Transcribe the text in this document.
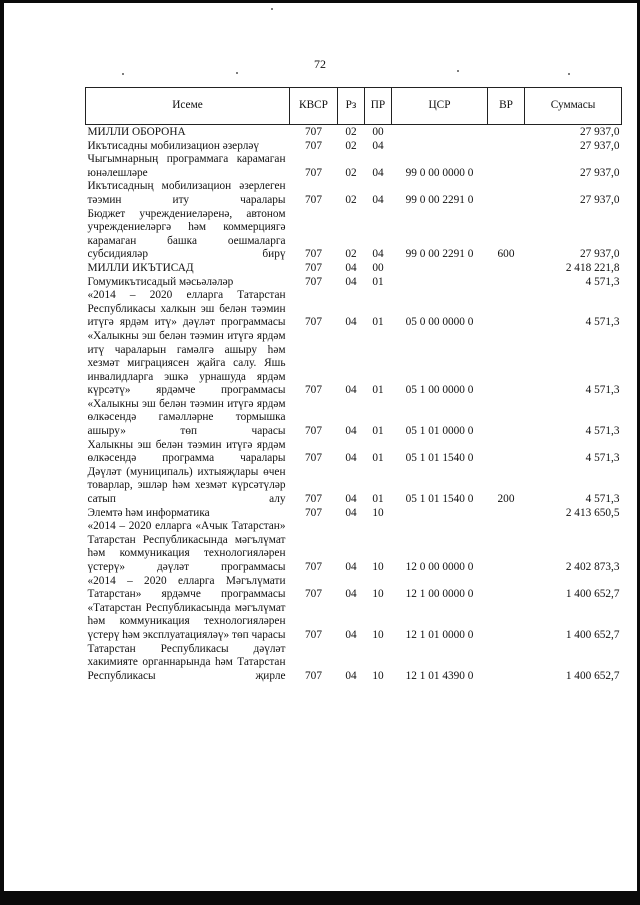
72
Исеме	КВСР	Рз	ПР	ЦСР	ВР	Суммасы
МИЛЛИ ОБОРОНА	707	02	00			27 937,0
Икътисадны мобилизацион әзерләү	707	02	04			27 937,0
Чыгымнарның программага карамаган юнәлешләре	707	02	04	99 0 00 0000 0		27 937,0
Икътисадның мобилизацион әзерлеген тәэмин иту чаралары	707	02	04	99 0 00 2291 0		27 937,0
Бюджет учреждениеләренә, автоном учреждениеләргә һәм коммерциягә карамаган башка оешмаларга субсидияләр бирү	707	02	04	99 0 00 2291 0	600	27 937,0
МИЛЛИ ИКЪТИСАД	707	04	00			2 418 221,8
Гомумикътисадый мәсьәләләр	707	04	01			4 571,3
«2014 – 2020 елларга Татарстан Республикасы халкын эш белән тәэмин итүгә ярдәм итү» дәүләт программасы	707	04	01	05 0 00 0000 0		4 571,3
«Халыкны эш белән тәэмин итүгә ярдәм итү чараларын гамәлгә ашыру һәм хезмәт миграциясен җайга салу. Яшь инвалидларга эшкә урнашуда ярдәм күрсәтү» ярдәмче программасы	707	04	01	05 1 00 0000 0		4 571,3
«Халыкны эш белән тәэмин итүгә ярдәм өлкәсендә гамәлләрне тормышка ашыру» төп чарасы	707	04	01	05 1 01 0000 0		4 571,3
Халыкны эш белән тәэмин итүгә ярдәм өлкәсендә программа чаралары	707	04	01	05 1 01 1540 0		4 571,3
Дәүләт (муниципаль) ихтыяҗлары өчен товарлар, эшләр һәм хезмәт күрсәтүләр сатып алу	707	04	01	05 1 01 1540 0	200	4 571,3
Элемтә һәм информатика	707	04	10			2 413 650,5
«2014 – 2020 елларга «Ачык Татарстан» Татарстан Республикасында мәгълүмат һәм коммуникация технологияләрен үстерү» дәүләт программасы	707	04	10	12 0 00 0000 0		2 402 873,3
«2014 – 2020 елларга Мәгълүмати Татарстан» ярдәмче программасы	707	04	10	12 1 00 0000 0		1 400 652,7
«Татарстан Республикасында мәгълүмат һәм коммуникация технологияләрен үстерү һәм эксплуатацияләү» төп чарасы	707	04	10	12 1 01 0000 0		1 400 652,7
Татарстан Республикасы дәүләт хакимияте органнарында һәм Татарстан Республикасы җирле	707	04	10	12 1 01 4390 0		1 400 652,7
